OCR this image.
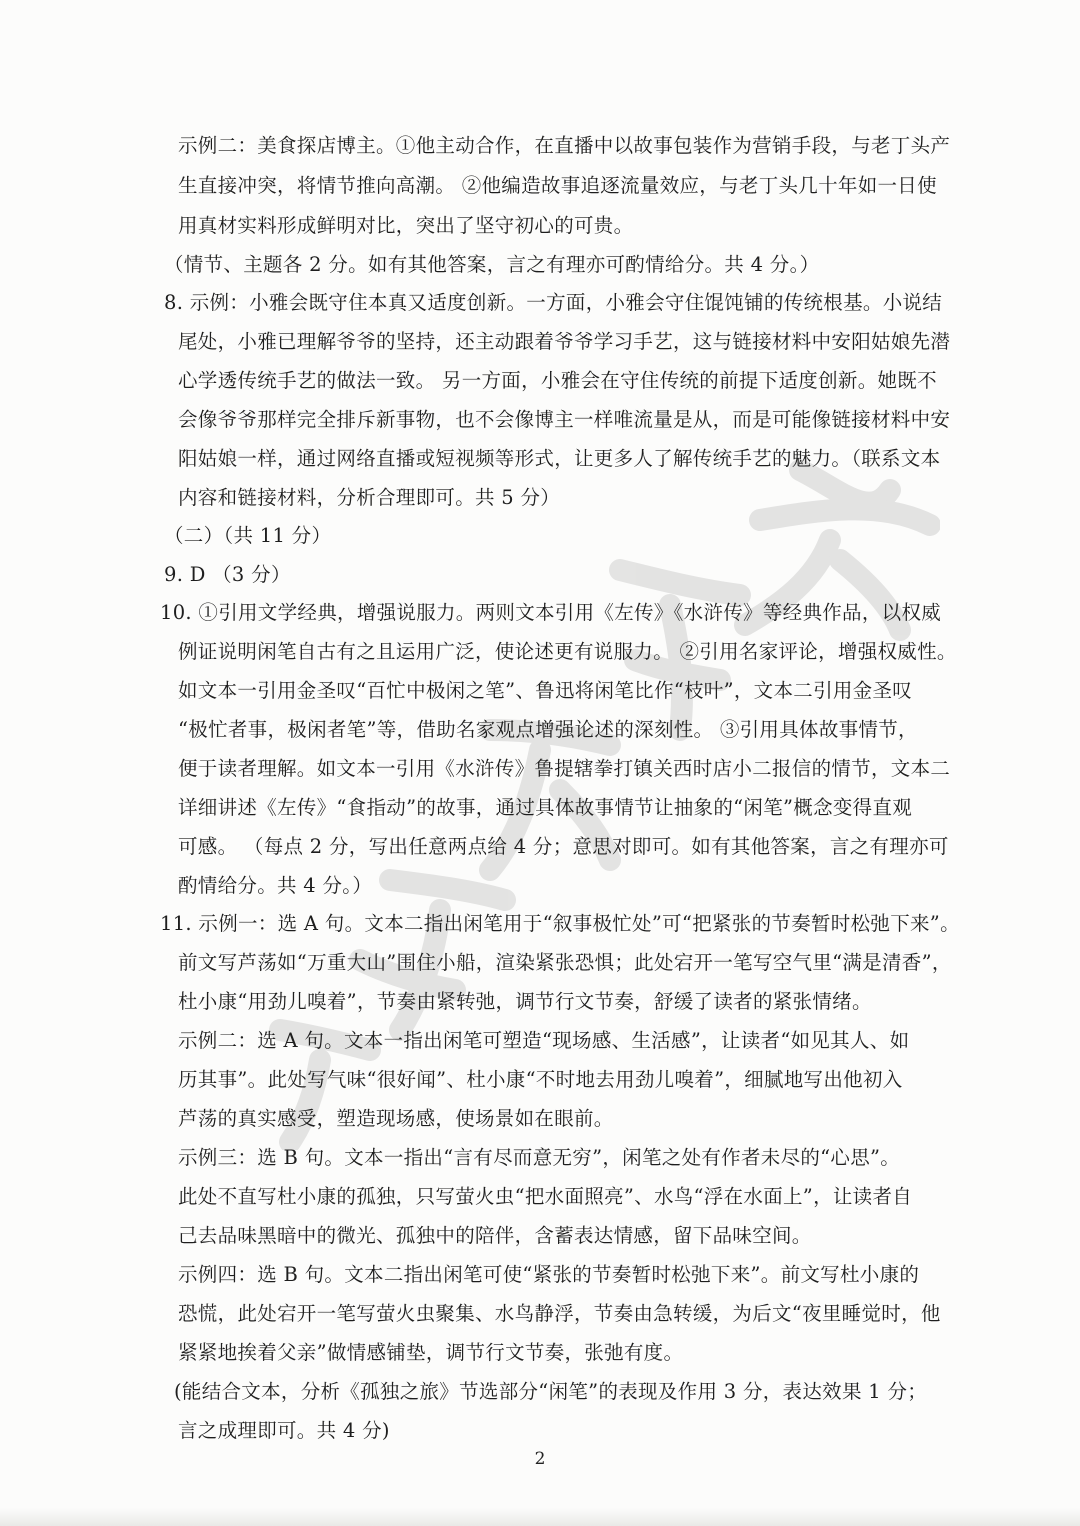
示例二：美食探店博主。①他主动合作，在直播中以故事包装作为营销手段，与老丁头产
生直接冲突，将情节推向高潮。 ②他编造故事追逐流量效应，与老丁头几十年如一日使
用真材实料形成鲜明对比，突出了坚守初心的可贵。
（情节、主题各 2 分。如有其他答案，言之有理亦可酌情给分。共 4 分。）
8. 示例：小雅会既守住本真又适度创新。一方面，小雅会守住馄饨铺的传统根基。小说结
尾处，小雅已理解爷爷的坚持，还主动跟着爷爷学习手艺，这与链接材料中安阳姑娘先潜
心学透传统手艺的做法一致。 另一方面，小雅会在守住传统的前提下适度创新。她既不
会像爷爷那样完全排斥新事物，也不会像博主一样唯流量是从，而是可能像链接材料中安
阳姑娘一样，通过网络直播或短视频等形式，让更多人了解传统手艺的魅力。（联系文本
内容和链接材料，分析合理即可。共 5 分）
（二）（共 11 分）
9. D （3 分）
10. ①引用文学经典，增强说服力。两则文本引用《左传》《水浒传》等经典作品，以权威
例证说明闲笔自古有之且运用广泛，使论述更有说服力。 ②引用名家评论，增强权威性。
如文本一引用金圣叹“百忙中极闲之笔”、鲁迅将闲笔比作“枝叶”，文本二引用金圣叹
“极忙者事，极闲者笔”等，借助名家观点增强论述的深刻性。 ③引用具体故事情节，
便于读者理解。如文本一引用《水浒传》鲁提辖拳打镇关西时店小二报信的情节，文本二
详细讲述《左传》“食指动”的故事，通过具体故事情节让抽象的“闲笔”概念变得直观
可感。 （每点 2 分，写出任意两点给 4 分；意思对即可。如有其他答案，言之有理亦可
酌情给分。共 4 分。）
11. 示例一：选 A 句。文本二指出闲笔用于“叙事极忙处”可“把紧张的节奏暂时松弛下来”。
前文写芦荡如“万重大山”围住小船，渲染紧张恐惧；此处宕开一笔写空气里“满是清香”，
杜小康“用劲儿嗅着”，节奏由紧转弛，调节行文节奏，舒缓了读者的紧张情绪。
示例二：选 A 句。文本一指出闲笔可塑造“现场感、生活感”，让读者“如见其人、如
历其事”。此处写气味“很好闻”、杜小康“不时地去用劲儿嗅着”，细腻地写出他初入
芦荡的真实感受，塑造现场感，使场景如在眼前。
示例三：选 B 句。文本一指出“言有尽而意无穷”，闲笔之处有作者未尽的“心思”。
此处不直写杜小康的孤独，只写萤火虫“把水面照亮”、水鸟“浮在水面上”，让读者自
己去品味黑暗中的微光、孤独中的陪伴，含蓄表达情感，留下品味空间。
示例四：选 B 句。文本二指出闲笔可使“紧张的节奏暂时松弛下来”。前文写杜小康的
恐慌，此处宕开一笔写萤火虫聚集、水鸟静浮，节奏由急转缓，为后文“夜里睡觉时，他
紧紧地挨着父亲”做情感铺垫，调节行文节奏，张弛有度。
(能结合文本，分析《孤独之旅》节选部分“闲笔”的表现及作用 3 分，表达效果 1 分；
言之成理即可。共 4 分)
2
